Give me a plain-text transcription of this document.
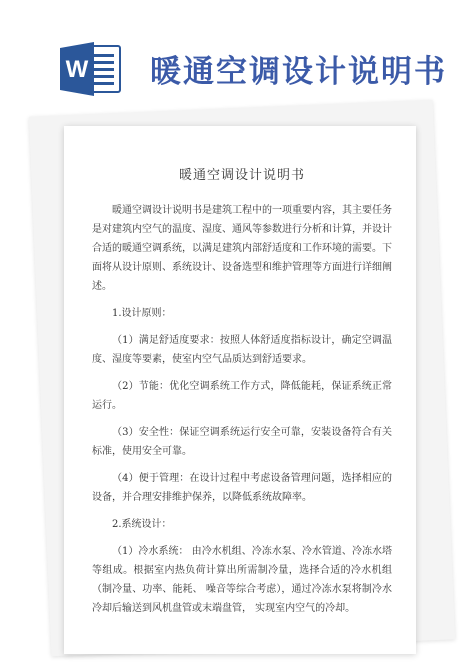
W 暖通空调设计说明书

暖通空调设计说明书

暖通空调设计说明书是建筑工程中的一项重要内容，其主要任务是对建筑内空气的温度、湿度、通风等参数进行分析和计算，并设计合适的暖通空调系统，以满足建筑内部舒适度和工作环境的需要。下面将从设计原则、系统设计、设备选型和维护管理等方面进行详细阐述。

1.设计原则：

（1）满足舒适度要求：按照人体舒适度指标设计，确定空调温度、湿度等要素，使室内空气品质达到舒适要求。

（2）节能：优化空调系统工作方式，降低能耗，保证系统正常运行。

（3）安全性：保证空调系统运行安全可靠，安装设备符合有关标准，使用安全可靠。

（4）便于管理：在设计过程中考虑设备管理问题，选择相应的设备，并合理安排维护保养，以降低系统故障率。

2.系统设计：

（1）冷水系统： 由冷水机组、冷冻水泵、冷水管道、冷冻水塔等组成。根据室内热负荷计算出所需制冷量，选择合适的冷水机组（制冷量、功率、能耗、 噪音等综合考虑），通过冷冻水泵将制冷水冷却后输送到风机盘管或末端盘管， 实现室内空气的冷却。
